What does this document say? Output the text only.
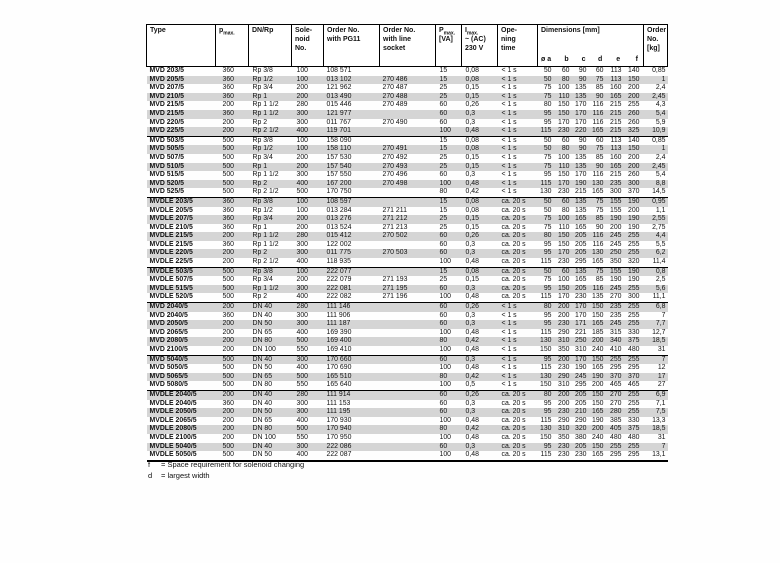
Type	$p_{max.}$	DN/Rp	Sole-
noid
No.

Order No.
with PG11

Order No.
with line
socket

$P_{max.}$
[VA]

$I_{max.}$
~ (AC)
230 V

Ope-
ning
time

Dimensions [mm]
ø a	b	c	d	e	f

Order
No.
[kg]

MVD 203/5	360	Rp 3/8	100	108 571		15	0,08	< 1 s	50	60	90	60	113	140	0,85
MVD 205/5	360	Rp 1/2	100	013 102	270 486	15	0,08	< 1 s	50	80	90	75	113	150	1
MVD 207/5	360	Rp 3/4	200	121 962	270 487	25	0,15	< 1 s	75	100	135	85	160	200	2,4
MVD 210/5	360	Rp 1	200	013 490	270 488	25	0,15	< 1 s	75	110	135	90	165	200	2,45
MVD 215/5	200	Rp 1 1/2	280	015 446	270 489	60	0,26	< 1 s	80	150	170	116	215	255	4,3
MVD 215/5	360	Rp 1 1/2	300	121 977		60	0,3	< 1 s	95	150	170	116	215	260	5,4
MVD 220/5	200	Rp 2	300	011 767	270 490	60	0,3	< 1 s	95	170	170	116	215	260	5,9
MVD 225/5	200	Rp 2 1/2	400	119 701		100	0,48	< 1 s	115	230	220	165	215	325	10,9
MVD 503/5	500	Rp 3/8	100	158 090		15	0,08	< 1 s	50	60	90	60	113	140	0,85
MVD 505/5	500	Rp 1/2	100	158 110	270 491	15	0,08	< 1 s	50	80	90	75	113	150	1
MVD 507/5	500	Rp 3/4	200	157 530	270 492	25	0,15	< 1 s	75	100	135	85	160	200	2,4
MVD 510/5	500	Rp 1	200	157 540	270 493	25	0,15	< 1 s	75	110	135	90	165	200	2,45
MVD 515/5	500	Rp 1 1/2	300	157 550	270 496	60	0,3	< 1 s	95	150	170	116	215	260	5,4
MVD 520/5	500	Rp 2	400	167 200	270 498	100	0,48	< 1 s	115	170	190	130	235	300	8,8
MVD 525/5	500	Rp 2 1/2	500	170 750		80	0,42	< 1 s	130	230	215	165	300	370	14,5
MVDLE 203/5	360	Rp 3/8	100	108 597		15	0,08	ca. 20 s	50	60	135	75	155	190	0,95
MVDLE 205/5	360	Rp 1/2	100	013 284	271 211	15	0,08	ca. 20 s	50	80	135	75	155	200	1,1
MVDLE 207/5	360	Rp 3/4	200	013 276	271 212	25	0,15	ca. 20 s	75	100	165	85	190	190	2,55
MVDLE 210/5	360	Rp 1	200	013 524	271 213	25	0,15	ca. 20 s	75	110	165	90	200	190	2,75
MVDLE 215/5	200	Rp 1 1/2	280	015 412	270 502	60	0,26	ca. 20 s	80	150	205	116	245	255	4,4
MVDLE 215/5	360	Rp 1 1/2	300	122 002		60	0,3	ca. 20 s	95	150	205	116	245	255	5,5
MVDLE 220/5	200	Rp 2	300	011 775	270 503	60	0,3	ca. 20 s	95	170	205	130	250	255	6,2
MVDLE 225/5	200	Rp 2 1/2	400	118 935		100	0,48	ca. 20 s	115	230	295	165	350	320	11,4
MVDLE 503/5	500	Rp 3/8	100	222 077		15	0,08	ca. 20 s	50	60	135	75	155	190	0,8
MVDLE 507/5	500	Rp 3/4	200	222 079	271 193	25	0,15	ca. 20 s	75	100	165	85	190	190	2,5
MVDLE 515/5	500	Rp 1 1/2	300	222 081	271 195	60	0,3	ca. 20 s	95	150	205	116	245	255	5,6
MVDLE 520/5	500	Rp 2	400	222 082	271 196	100	0,48	ca. 20 s	115	170	230	135	270	300	11,1
MVD 2040/5	200	DN 40	280	111 146		60	0,26	< 1 s	80	200	170	150	235	255	6,8
MVD 2040/5	360	DN 40	300	111 906		60	0,3	< 1 s	95	200	170	150	235	255	7
MVD 2050/5	200	DN 50	300	111 187		60	0,3	< 1 s	95	230	171	165	245	255	7,7
MVD 2065/5	200	DN 65	400	169 390		100	0,48	< 1 s	115	290	221	185	315	330	12,7
MVD 2080/5	200	DN 80	500	169 400		80	0,42	< 1 s	130	310	250	200	340	375	18,5
MVD 2100/5	200	DN 100	550	169 410		100	0,48	< 1 s	150	350	310	240	410	480	31
MVD 5040/5	500	DN 40	300	170 660		60	0,3	< 1 s	95	200	170	150	255	255	7
MVD 5050/5	500	DN 50	400	170 690		100	0,48	< 1 s	115	230	190	165	295	295	12
MVD 5065/5	500	DN 65	500	165 510		80	0,42	< 1 s	130	290	245	190	370	370	17
MVD 5080/5	500	DN 80	550	165 640		100	0,5	< 1 s	150	310	295	200	465	465	27
MVDLE 2040/5	200	DN 40	280	111 914		60	0,26	ca. 20 s	80	200	205	150	270	255	6,9
MVDLE 2040/5	360	DN 40	300	111 153		60	0,3	ca. 20 s	95	200	205	150	270	255	7,1
MVDLE 2050/5	200	DN 50	300	111 195		60	0,3	ca. 20 s	95	230	210	165	280	255	7,5
MVDLE 2065/5	200	DN 65	400	170 930		100	0,48	ca. 20 s	115	290	290	190	385	330	13,3
MVDLE 2080/5	200	DN 80	500	170 940		80	0,42	ca. 20 s	130	310	320	200	405	375	18,5
MVDLE 2100/5	200	DN 100	550	170 950		100	0,48	ca. 20 s	150	350	380	240	480	480	31
MVDLE 5040/5	500	DN 40	300	222 086		60	0,3	ca. 20 s	95	230	205	150	255	255	7
MVDLE 5050/5	500	DN 50	400	222 087		100	0,48	ca. 20 s	115	230	230	165	295	295	13,1
f	= Space requirement for solenoid changing
d	= largest width
